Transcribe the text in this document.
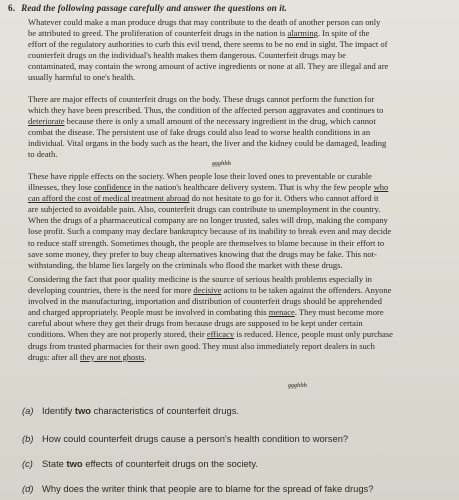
6. Read the following passage carefully and answer the questions on it.
Whatever could make a man produce drugs that may contribute to the death of another person can only
be attributed to greed. The proliferation of counterfeit drugs in the nation is alarming. In spite of the
effort of the regulatory authorities to curb this evil trend, there seems to be no end in sight. The impact of
counterfeit drugs on the individual's health makes them dangerous. Counterfeit drugs may be
contaminated, may contain the wrong amount of active ingredients or none at all. They are illegal and are
usually harmful to one's health.
There are major effects of counterfeit drugs on the body. These drugs cannot perform the function for
which they have been prescribed. Thus, the condition of the affected person aggravates and continues to
deteriorate because there is only a small amount of the necessary ingredient in the drug, which cannot
combat the disease. The persistent use of fake drugs could also lead to worse health conditions in an
individual. Vital organs in the body such as the heart, the liver and the kidney could be damaged, leading
to death.
These have ripple effects on the society. When people lose their loved ones to preventable or curable
illnesses, they lose confidence in the nation's healthcare delivery system. That is why the few people who
can afford the cost of medical treatment abroad do not hesitate to go for it. Others who cannot afford it
are subjected to avoidable pain. Also, counterfeit drugs can contribute to unemployment in the country.
When the drugs of a pharmaceutical company are no longer trusted, sales will drop, making the company
lose profit. Such a company may declare bankruptcy because of its inability to break even and may decide
to reduce staff strength. Sometimes though, the people are themselves to blame because in their effort to
save some money, they prefer to buy cheap alternatives knowing that the drugs may be fake. This not-
withstanding, the blame lies largely on the criminals who flood the market with these drugs.
Considering the fact that poor quality medicine is the source of serious health problems especially in
developing countries, there is the need for more decisive actions to be taken against the offenders. Anyone
involved in the manufacturing, importation and distribution of counterfeit drugs should be apprehended
and charged appropriately. People must be involved in combating this menace. They must become more
careful about where they get their drugs from because drugs are supposed to be kept under certain
conditions. When they are not properly stored, their efficacy is reduced. Hence, people must only purchase
drugs from trusted pharmacies for their own good. They must also immediately report dealers in such
drugs: after all they are not ghosts.
ggghhh
ggghhh
(a) Identify two characteristics of counterfeit drugs.
(b) How could counterfeit drugs cause a person's health condition to worsen?
(c) State two effects of counterfeit drugs on the society.
(d) Why does the writer think that people are to blame for the spread of fake drugs?
